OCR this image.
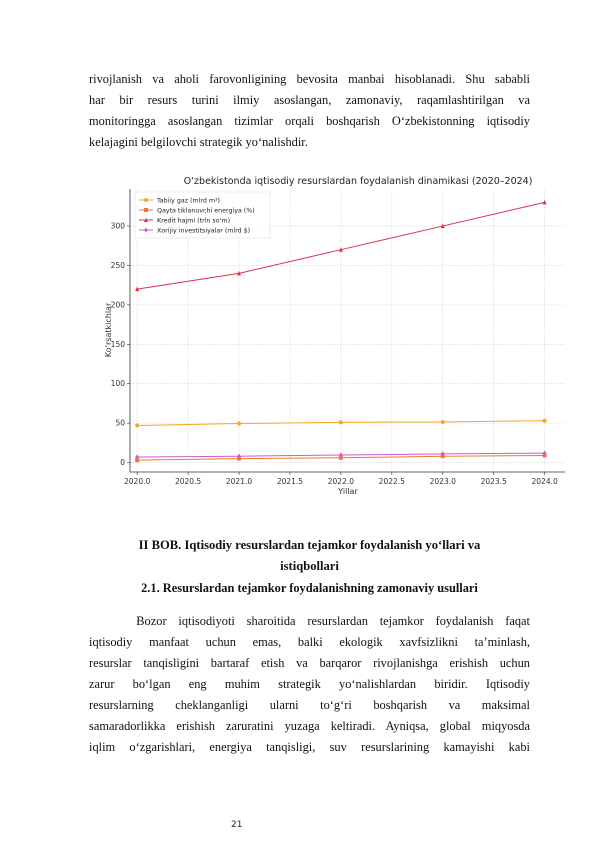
rivojlanish va aholi farovonligining bevosita manbai hisoblanadi. Shu sababli
har bir resurs turini ilmiy asoslangan, zamonaviy, raqamlashtirilgan va
monitoringga asoslangan tizimlar orqali boshqarish O‘zbekistonning iqtisodiy
kelajagini belgilovchi strategik yo‘nalishdir.
O‘zbekistonda iqtisodiy resurslardan foydalanish dinamikasi (2020–2024)
2020.0	2020.5	2021.0	2021.5	2022.0	2022.5	2023.0	2023.5	2024.0
0
50
100
150
200
250
300
Yillar
Ko‘rsatkichlar
Tabiiy gaz (mlrd m³)
Qayta tiklanuvchi energiya (%)
Kredit hajmi (trln so‘m)
Xorijiy investitsiyalar (mlrd $)
II BOB. Iqtisodiy resurslardan tejamkor foydalanish yo‘llari va
istiqbollari
2.1. Resurslardan tejamkor foydalanishning zamonaviy usullari
Bozor iqtisodiyoti sharoitida resurslardan tejamkor foydalanish faqat
iqtisodiy manfaat uchun emas, balki ekologik xavfsizlikni ta’minlash,
resurslar tanqisligini bartaraf etish va barqaror rivojlanishga erishish uchun
zarur bo‘lgan eng muhim strategik yo‘nalishlardan biridir. Iqtisodiy
resurslarning cheklanganligi ularni to‘g‘ri boshqarish va maksimal
samaradorlikka erishish zaruratini yuzaga keltiradi. Ayniqsa, global miqyosda
iqlim o‘zgarishlari, energiya tanqisligi, suv resurslarining kamayishi kabi
21
